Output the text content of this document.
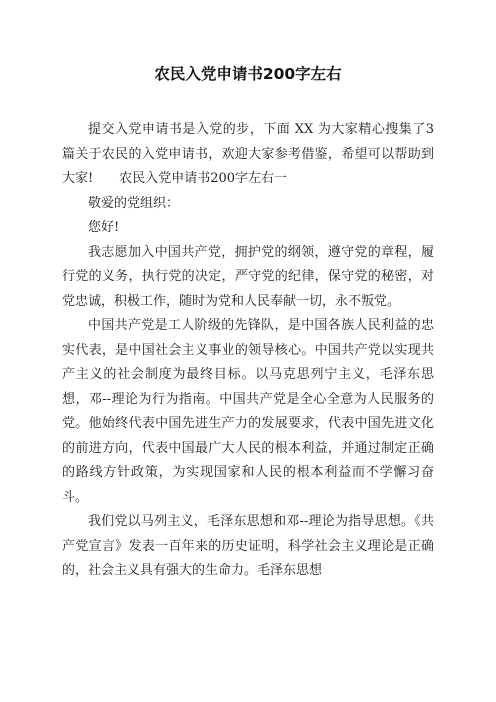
农民入党申请书200字左右

提交入党申请书是入党的步，下面 XX 为大家精心搜集了3篇关于农民的入党申请书，欢迎大家参考借鉴，希望可以帮助到大家!　　农民入党申请书200字左右一

敬爱的党组织：

您好!

我志愿加入中国共产党，拥护党的纲领，遵守党的章程，履行党的义务，执行党的决定，严守党的纪律，保守党的秘密，对党忠诚，积极工作，随时为党和人民奉献一切，永不叛党。

中国共产党是工人阶级的先锋队，是中国各族人民利益的忠实代表，是中国社会主义事业的领导核心。中国共产党以实现共产主义的社会制度为最终目标。以马克思列宁主义，毛泽东思想，邓--理论为行为指南。中国共产党是全心全意为人民服务的党。他始终代表中国先进生产力的发展要求，代表中国先进文化的前进方向，代表中国最广大人民的根本利益，并通过制定正确的路线方针政策，为实现国家和人民的根本利益而不学懈习奋斗。

我们党以马列主义，毛泽东思想和邓--理论为指导思想。《共产党宣言》发表一百年来的历史证明，科学社会主义理论是正确的，社会主义具有强大的生命力。毛泽东思想
